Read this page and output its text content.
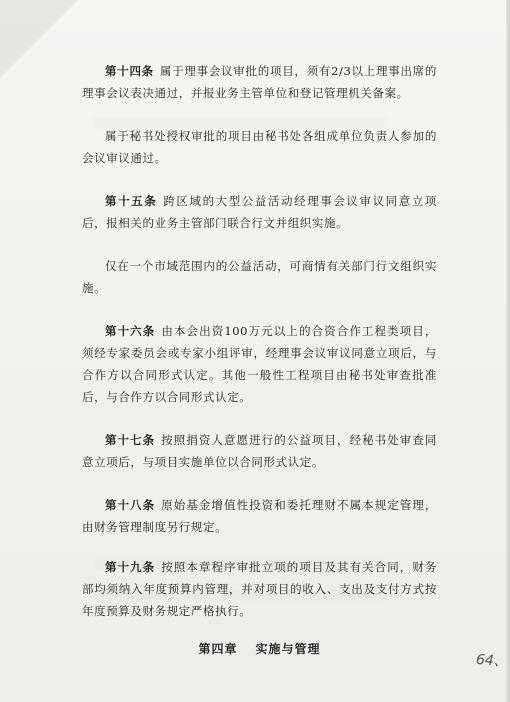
第十四条 属于理事会议审批的项目，须有2/3以上理事出席的理事会议表决通过，并报业务主管单位和登记管理机关备案。

属于秘书处授权审批的项目由秘书处各组成单位负责人参加的会议审议通过。

第十五条 跨区域的大型公益活动经理事会议审议同意立项后，报相关的业务主管部门联合行文并组织实施。

仅在一个市域范围内的公益活动，可商情有关部门行文组织实施。

第十六条 由本会出资100万元以上的合资合作工程类项目，须经专家委员会或专家小组评审，经理事会议审议同意立项后，与合作方以合同形式认定。其他一般性工程项目由秘书处审查批准后，与合作方以合同形式认定。

第十七条 按照捐资人意愿进行的公益项目，经秘书处审查同意立项后，与项目实施单位以合同形式认定。

第十八条 原始基金增值性投资和委托理财不属本规定管理，由财务管理制度另行规定。

第十九条 按照本章程序审批立项的项目及其有关合同，财务部均须纳入年度预算内管理，并对项目的收入、支出及支付方式按年度预算及财务规定严格执行。

第四章 实施与管理
64、
